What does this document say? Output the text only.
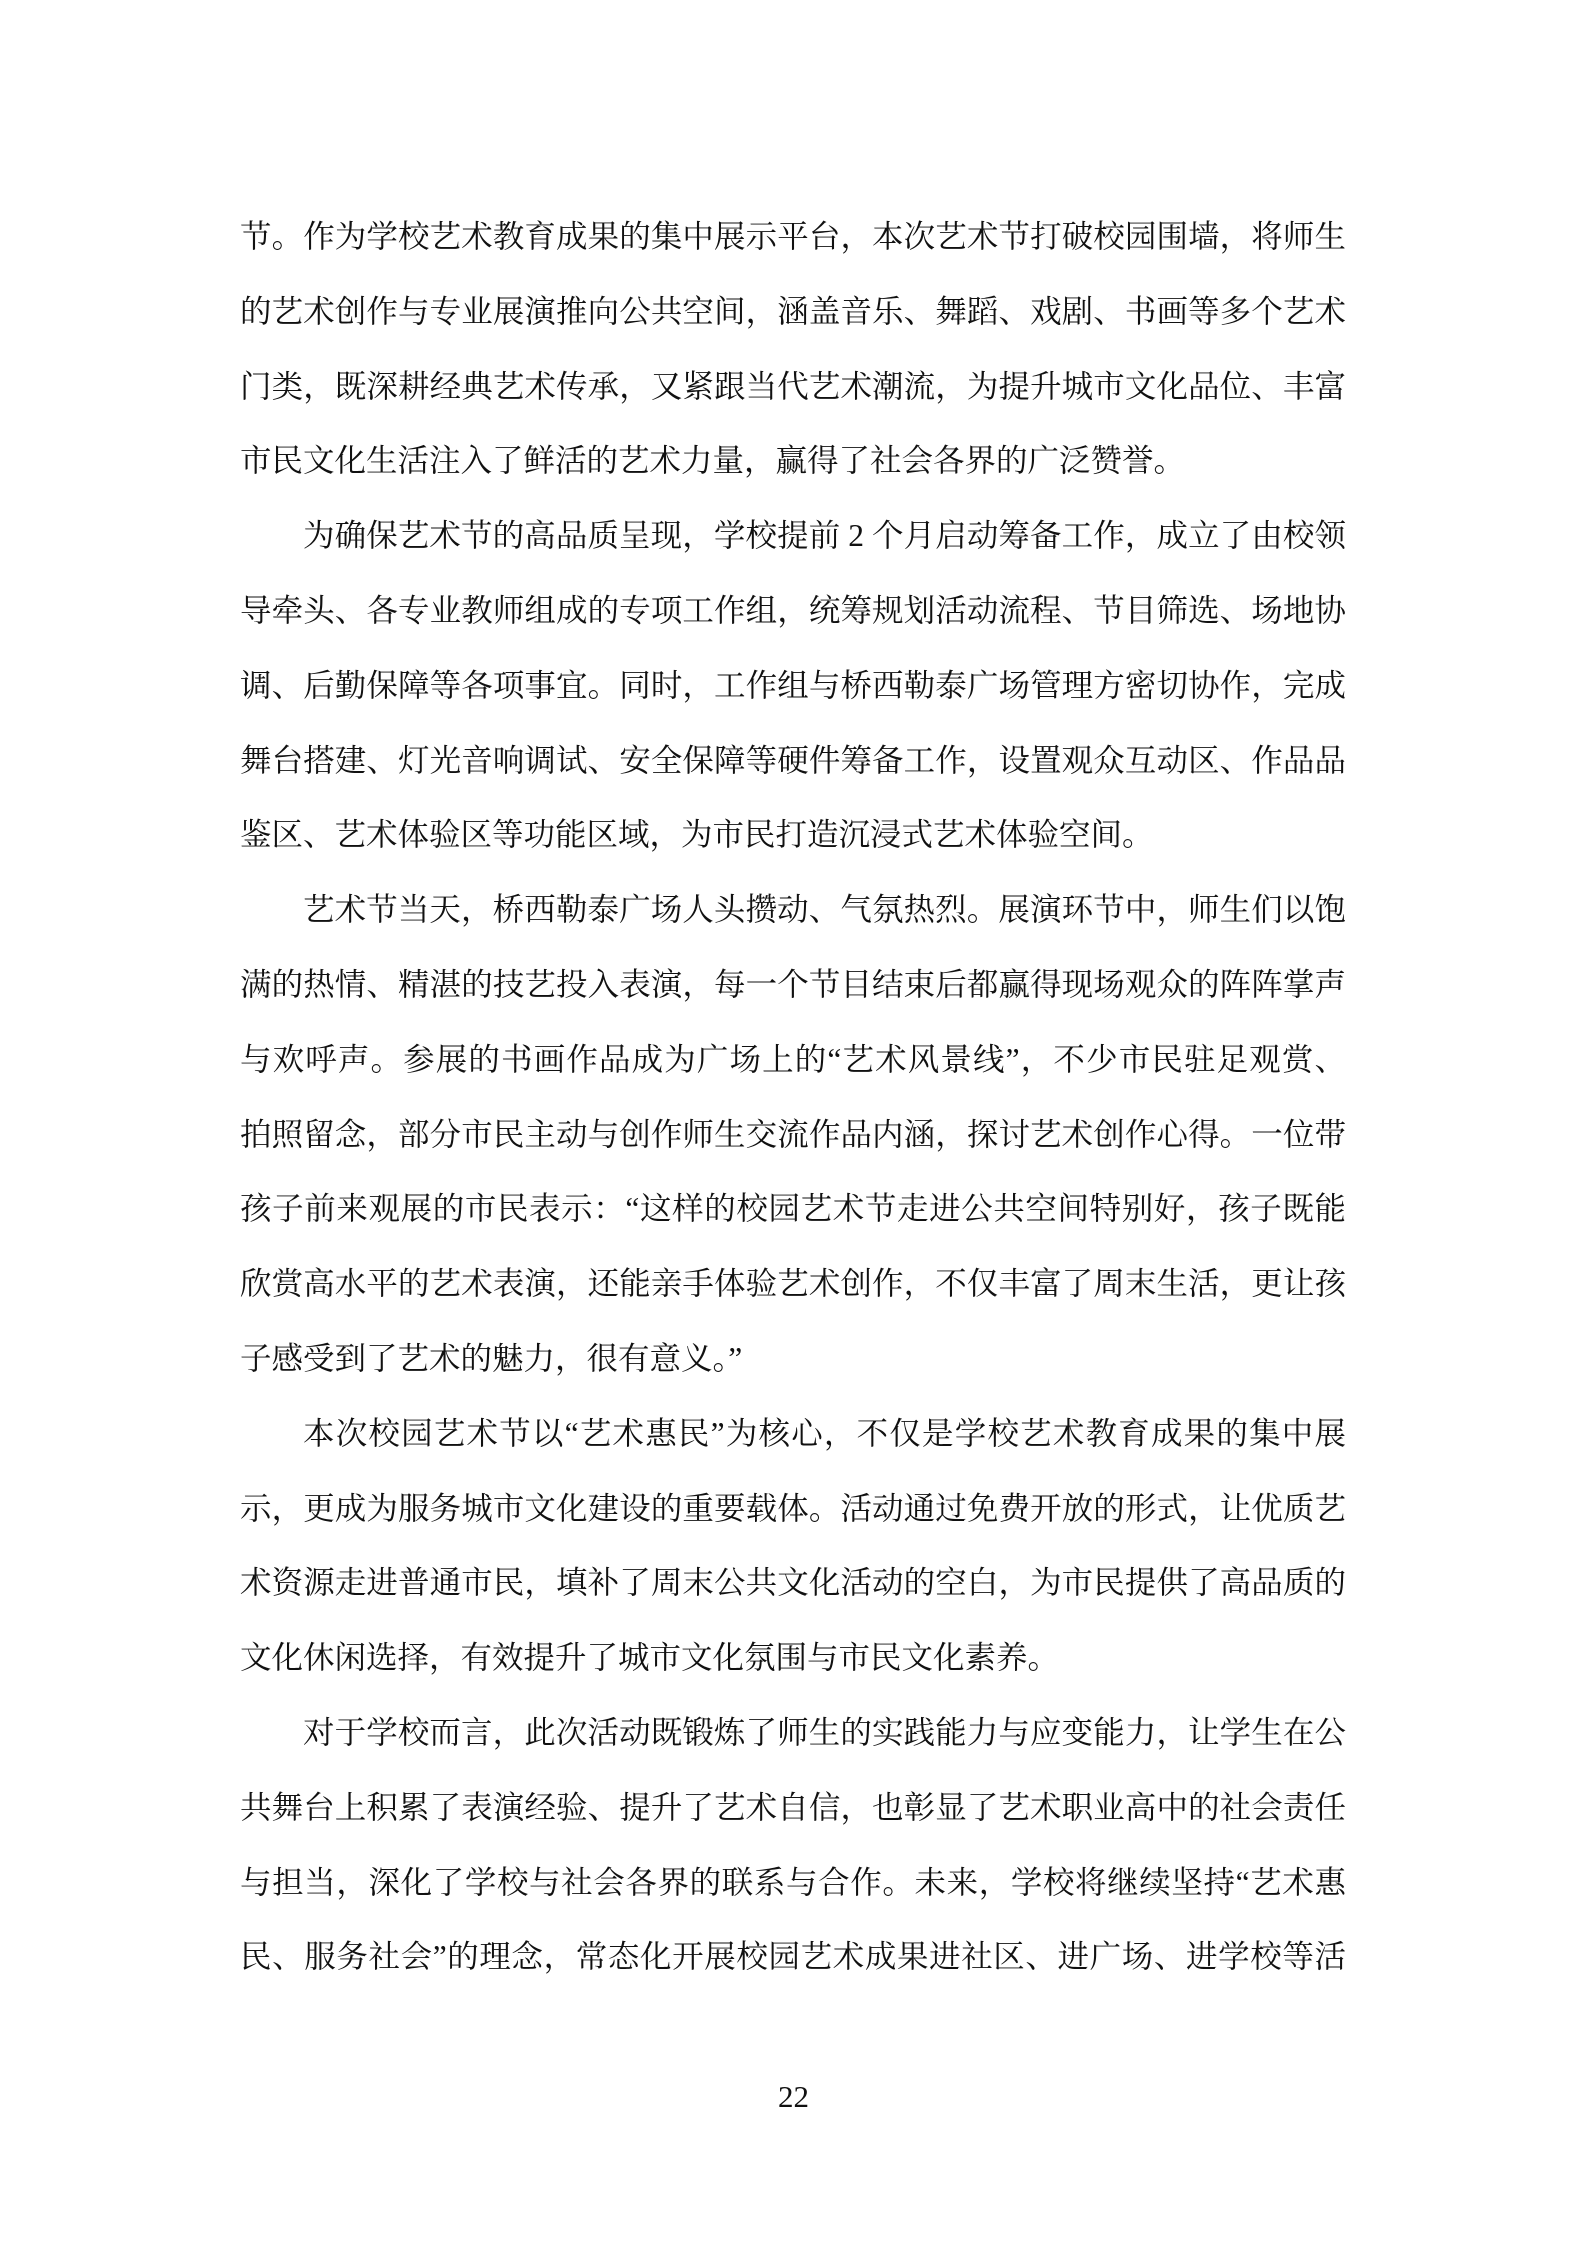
节。作为学校艺术教育成果的集中展示平台，本次艺术节打破校园围墙，将师生
的艺术创作与专业展演推向公共空间，涵盖音乐、舞蹈、戏剧、书画等多个艺术
门类，既深耕经典艺术传承，又紧跟当代艺术潮流，为提升城市文化品位、丰富
市民文化生活注入了鲜活的艺术力量，赢得了社会各界的广泛赞誉。
为确保艺术节的高品质呈现，学校提前 2 个月启动筹备工作，成立了由校领
导牵头、各专业教师组成的专项工作组，统筹规划活动流程、节目筛选、场地协
调、后勤保障等各项事宜。同时，工作组与桥西勒泰广场管理方密切协作，完成
舞台搭建、灯光音响调试、安全保障等硬件筹备工作，设置观众互动区、作品品
鉴区、艺术体验区等功能区域，为市民打造沉浸式艺术体验空间。
艺术节当天，桥西勒泰广场人头攒动、气氛热烈。展演环节中，师生们以饱
满的热情、精湛的技艺投入表演，每一个节目结束后都赢得现场观众的阵阵掌声
与欢呼声。参展的书画作品成为广场上的“艺术风景线”，不少市民驻足观赏、
拍照留念，部分市民主动与创作师生交流作品内涵，探讨艺术创作心得。一位带
孩子前来观展的市民表示：“这样的校园艺术节走进公共空间特别好，孩子既能
欣赏高水平的艺术表演，还能亲手体验艺术创作，不仅丰富了周末生活，更让孩
子感受到了艺术的魅力，很有意义。”
本次校园艺术节以“艺术惠民”为核心，不仅是学校艺术教育成果的集中展
示，更成为服务城市文化建设的重要载体。活动通过免费开放的形式，让优质艺
术资源走进普通市民，填补了周末公共文化活动的空白，为市民提供了高品质的
文化休闲选择，有效提升了城市文化氛围与市民文化素养。
对于学校而言，此次活动既锻炼了师生的实践能力与应变能力，让学生在公
共舞台上积累了表演经验、提升了艺术自信，也彰显了艺术职业高中的社会责任
与担当，深化了学校与社会各界的联系与合作。未来，学校将继续坚持“艺术惠
民、服务社会”的理念，常态化开展校园艺术成果进社区、进广场、进学校等活
22
